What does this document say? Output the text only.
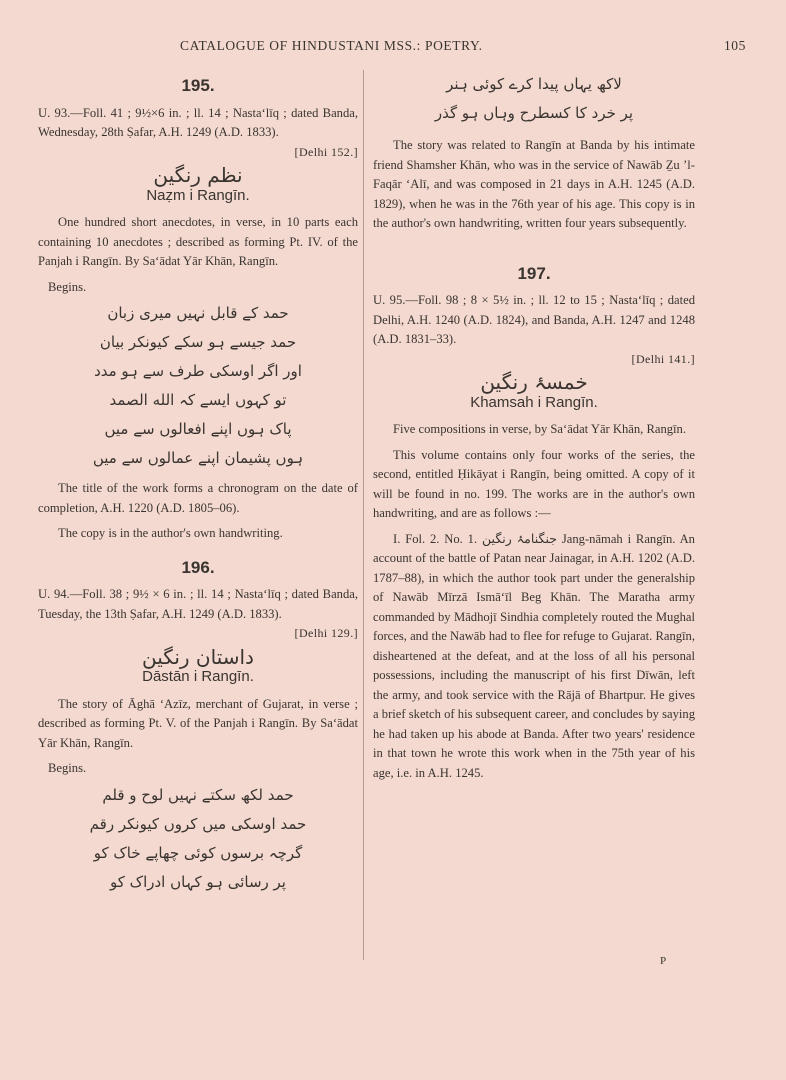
CATALOGUE OF HINDUSTANI MSS.: POETRY.	105
195.
U. 93.—Foll. 41 ; 9½×6 in. ; ll. 14 ; Nasta‘līq ; dated Banda, Wednesday, 28th Ṣafar, A.H. 1249 (A.D. 1833).
[Delhi 152.]
نظم رنگین
Naẓm i Rangīn.

One hundred short anecdotes, in verse, in 10 parts each containing 10 anecdotes ; described as forming Pt. IV. of the Panjah i Rangīn. By Sa‘ādat Yār Khān, Rangīn.

Begins.
حمد کے قابل نہیں میری زبان
حمد جیسے ہو سکے کیونکر بیان
اور اگر اوسکی طرف سے ہو مدد
تو کہوں ایسے کہ الله الصمد
پاک ہوں اپنے افعالوں سے میں
ہوں پشیمان اپنے عمالوں سے میں

The title of the work forms a chronogram on the date of completion, A.H. 1220 (A.D. 1805–06).

The copy is in the author's own handwriting.

196.
U. 94.—Foll. 38 ; 9½ × 6 in. ; ll. 14 ; Nasta‘līq ; dated Banda, Tuesday, the 13th Ṣafar, A.H. 1249 (A.D. 1833).
[Delhi 129.]
داستان رنگین
Dāstān i Rangīn.

The story of Āghā ‘Azīz, merchant of Gujarat, in verse ; described as forming Pt. V. of the Panjah i Rangīn. By Sa‘ādat Yār Khān, Rangīn.

Begins.
حمد لکھ سکتے نہیں لوح و قلم
حمد اوسکی میں کروں کیونکر رقم
گرچہ برسوں کوئی چھاپے خاک کو
پر رسائی ہو کہاں ادراک کو
لاکھ یہاں پیدا کرے کوئی ہنر
پر خرد کا کسطرح وہاں ہو گذر

The story was related to Rangīn at Banda by his intimate friend Shamsher Khān, who was in the service of Nawāb Ẕu ’l-Faqār ‘Alī, and was composed in 21 days in A.H. 1245 (A.D. 1829), when he was in the 76th year of his age. This copy is in the author's own handwriting, written four years subsequently.

197.
U. 95.—Foll. 98 ; 8 × 5½ in. ; ll. 12 to 15 ; Nasta‘līq ; dated Delhi, A.H. 1240 (A.D. 1824), and Banda, A.H. 1247 and 1248 (A.D. 1831–33).
[Delhi 141.]
خمسۂ رنگین
Khamsah i Rangīn.

Five compositions in verse, by Sa‘ādat Yār Khān, Rangīn.

This volume contains only four works of the series, the second, entitled Ḥikāyat i Rangīn, being omitted. A copy of it will be found in no. 199. The works are in the author's own handwriting, and are as follows :—

I. Fol. 2. No. 1. جنگنامۂ رنگین Jang-nāmah i Rangīn. An account of the battle of Patan near Jainagar, in A.H. 1202 (A.D. 1787–88), in which the author took part under the generalship of Nawāb Mīrzā Ismā‘īl Beg Khān. The Maratha army commanded by Mādhojī Sindhia completely routed the Mughal forces, and the Nawāb had to flee for refuge to Gujarat. Rangīn, disheartened at the defeat, and at the loss of all his personal possessions, including the manuscript of his first Dīwān, left the army, and took service with the Rājā of Bhartpur. He gives a brief sketch of his subsequent career, and concludes by saying he had taken up his abode at Banda. After two years' residence in that town he wrote this work when in the 75th year of his age, i.e. in A.H. 1245.

P
